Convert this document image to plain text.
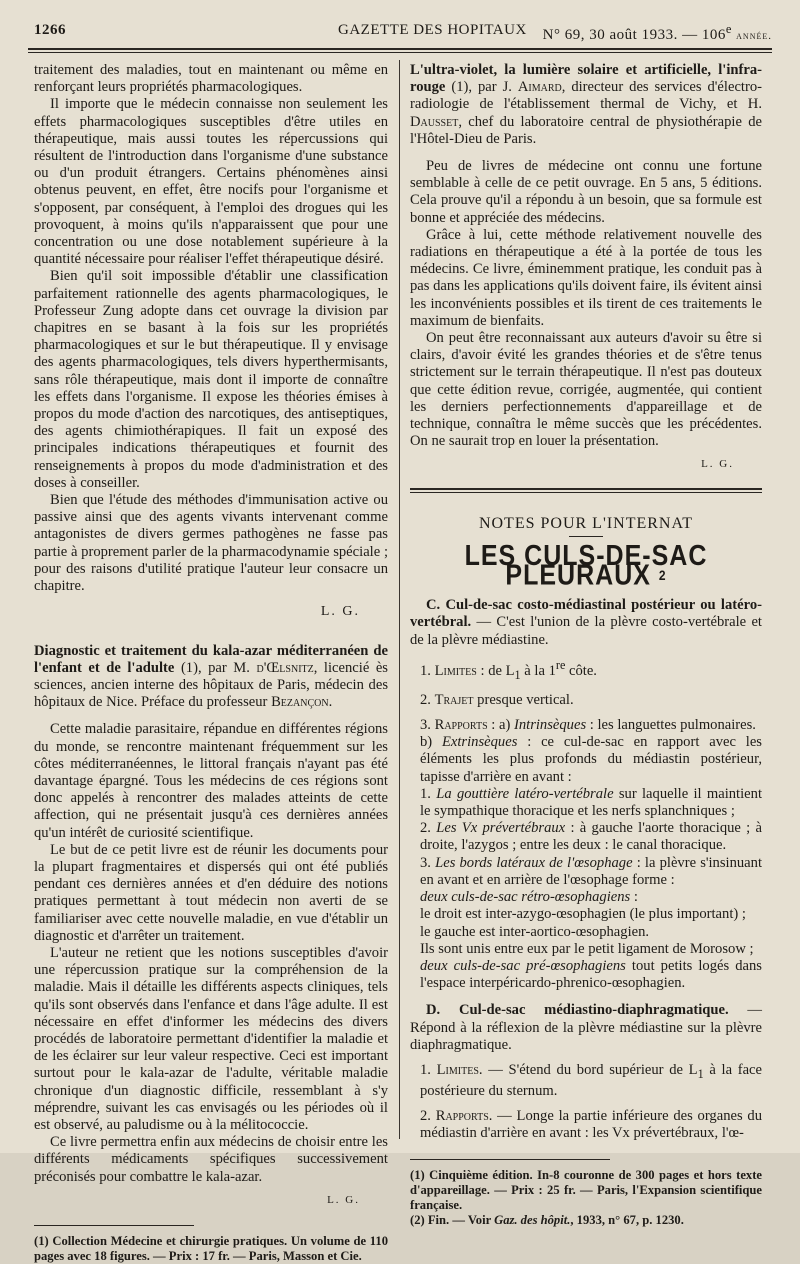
1266	GAZETTE DES HOPITAUX N° 69, 30 août 1933. — 106e année.

traitement des maladies, tout en maintenant ou même en renforçant leurs propriétés pharmacologiques.

Il importe que le médecin connaisse non seulement les effets pharmacologiques susceptibles d'être utiles en thérapeutique, mais aussi toutes les répercussions qui résultent de l'introduction dans l'organisme d'une substance ou d'un produit étrangers. Certains phénomènes ainsi obtenus peuvent, en effet, être nocifs pour l'organisme et s'opposent, par conséquent, à l'emploi des drogues qui les provoquent, à moins qu'ils n'apparaissent que pour une concentration ou une dose notablement supérieure à la quantité nécessaire pour réaliser l'effet thérapeutique désiré.

Bien qu'il soit impossible d'établir une classification parfaitement rationnelle des agents pharmacologiques, le Professeur Zung adopte dans cet ouvrage la division par chapitres en se basant à la fois sur les propriétés pharmacologiques et sur le but thérapeutique. Il y envisage des agents pharmacologiques, tels divers hyperthermisants, sans rôle thérapeutique, mais dont il importe de connaître les effets dans l'organisme. Il expose les théories émises à propos du mode d'action des narcotiques, des antiseptiques, des agents chimiothérapiques. Il fait un exposé des principales indications thérapeutiques et fournit des renseignements à propos du mode d'administration et des doses à conseiller.

Bien que l'étude des méthodes d'immunisation active ou passive ainsi que des agents vivants intervenant comme antagonistes de divers germes pathogènes ne fasse pas partie à proprement parler de la pharmacodynamie spéciale ; pour des raisons d'utilité pratique l'auteur leur consacre un chapitre.

L. G.

Diagnostic et traitement du kala-azar méditerranéen de l'enfant et de l'adulte (1), par M. d'Œlsnitz, licencié ès sciences, ancien interne des hôpitaux de Paris, médecin des hôpitaux de Nice. Préface du professeur Bezançon.

Cette maladie parasitaire, répandue en différentes régions du monde, se rencontre maintenant fréquemment sur les côtes méditerranéennes, le littoral français n'ayant pas été davantage épargné. Tous les médecins de ces régions sont donc appelés à rencontrer des malades atteints de cette affection, qui ne présentait jusqu'à ces dernières années qu'un intérêt de curiosité scientifique.

Le but de ce petit livre est de réunir les documents pour la plupart fragmentaires et dispersés qui ont été publiés pendant ces dernières années et d'en déduire des notions pratiques permettant à tout médecin non averti de se familiariser avec cette nouvelle maladie, en vue d'établir un diagnostic et d'arrêter un traitement.

L'auteur ne retient que les notions susceptibles d'avoir une répercussion pratique sur la compréhension de la maladie. Mais il détaille les différents aspects cliniques, tels qu'ils sont observés dans l'enfance et dans l'âge adulte. Il est nécessaire en effet d'informer les médecins des divers procédés de laboratoire permettant d'identifier la maladie et de les éclairer sur leur valeur respective. Ceci est important surtout pour le kala-azar de l'adulte, véritable maladie chronique d'un diagnostic difficile, ressemblant à s'y méprendre, suivant les cas envisagés ou les périodes où il est observé, au paludisme ou à la mélitococcie.

Ce livre permettra enfin aux médecins de choisir entre les différents médicaments spécifiques successivement préconisés pour combattre le kala-azar.

L. G.

(1) Collection Médecine et chirurgie pratiques. Un volume de 110 pages avec 18 figures. — Prix : 17 fr. — Paris, Masson et Cie.

L'ultra-violet, la lumière solaire et artificielle, l'infra-rouge (1), par J. Aimard, directeur des services d'électro-radiologie de l'établissement thermal de Vichy, et H. Dausset, chef du laboratoire central de physiothérapie de l'Hôtel-Dieu de Paris.

Peu de livres de médecine ont connu une fortune semblable à celle de ce petit ouvrage. En 5 ans, 5 éditions. Cela prouve qu'il a répondu à un besoin, que sa formule est bonne et appréciée des médecins.

Grâce à lui, cette méthode relativement nouvelle des radiations en thérapeutique a été à la portée de tous les médecins. Ce livre, éminemment pratique, les conduit pas à pas dans les applications qu'ils doivent faire, ils évitent ainsi les inconvénients possibles et ils tirent de ces traitements le maximum de bienfaits.

On peut être reconnaissant aux auteurs d'avoir su être si clairs, d'avoir évité les grandes théories et de s'être tenus strictement sur le terrain thérapeutique. Il n'est pas douteux que cette édition revue, corrigée, augmentée, qui contient les derniers perfectionnements d'appareillage et de technique, connaîtra le même succès que les précédentes. On ne saurait trop en louer la présentation.

L. G.

NOTES POUR L'INTERNAT

LES CULS-DE-SAC PLEURAUX $^2$

C. Cul-de-sac costo-médiastinal postérieur ou latéro-vertébral. — C'est l'union de la plèvre costo-vertébrale et de la plèvre médiastine.

1. Limites : de $L_1$ à la 1re côte.

2. Trajet presque vertical.

3. Rapports : a) Intrinsèques : les languettes pulmonaires.

b) Extrinsèques : ce cul-de-sac en rapport avec les éléments les plus profonds du médiastin postérieur, tapisse d'arrière en avant :

1. La gouttière latéro-vertébrale sur laquelle il maintient le sympathique thoracique et les nerfs splanchniques ;

2. Les Vx prévertébraux : à gauche l'aorte thoracique ; à droite, l'azygos ; entre les deux : le canal thoracique.

3. Les bords latéraux de l'œsophage : la plèvre s'insinuant en avant et en arrière de l'œsophage forme :

deux culs-de-sac rétro-œsophagiens :

le droit est inter-azygo-œsophagien (le plus important) ;

le gauche est inter-aortico-œsophagien.

Ils sont unis entre eux par le petit ligament de Morosow ;

deux culs-de-sac pré-œsophagiens tout petits logés dans l'espace interpéricardo-phrenico-œsophagien.

D. Cul-de-sac médiastino-diaphragmatique. — Répond à la réflexion de la plèvre médiastine sur la plèvre diaphragmatique.

1. Limites. — S'étend du bord supérieur de $L_1$ à la face postérieure du sternum.

2. Rapports. — Longe la partie inférieure des organes du médiastin d'arrière en avant : les Vx prévertébraux, l'œ-

(1) Cinquième édition. In-8 couronne de 300 pages et hors texte d'appareillage. — Prix : 25 fr. — Paris, l'Expansion scientifique française.

(2) Fin. — Voir Gaz. des hôpit., 1933, n° 67, p. 1230.
